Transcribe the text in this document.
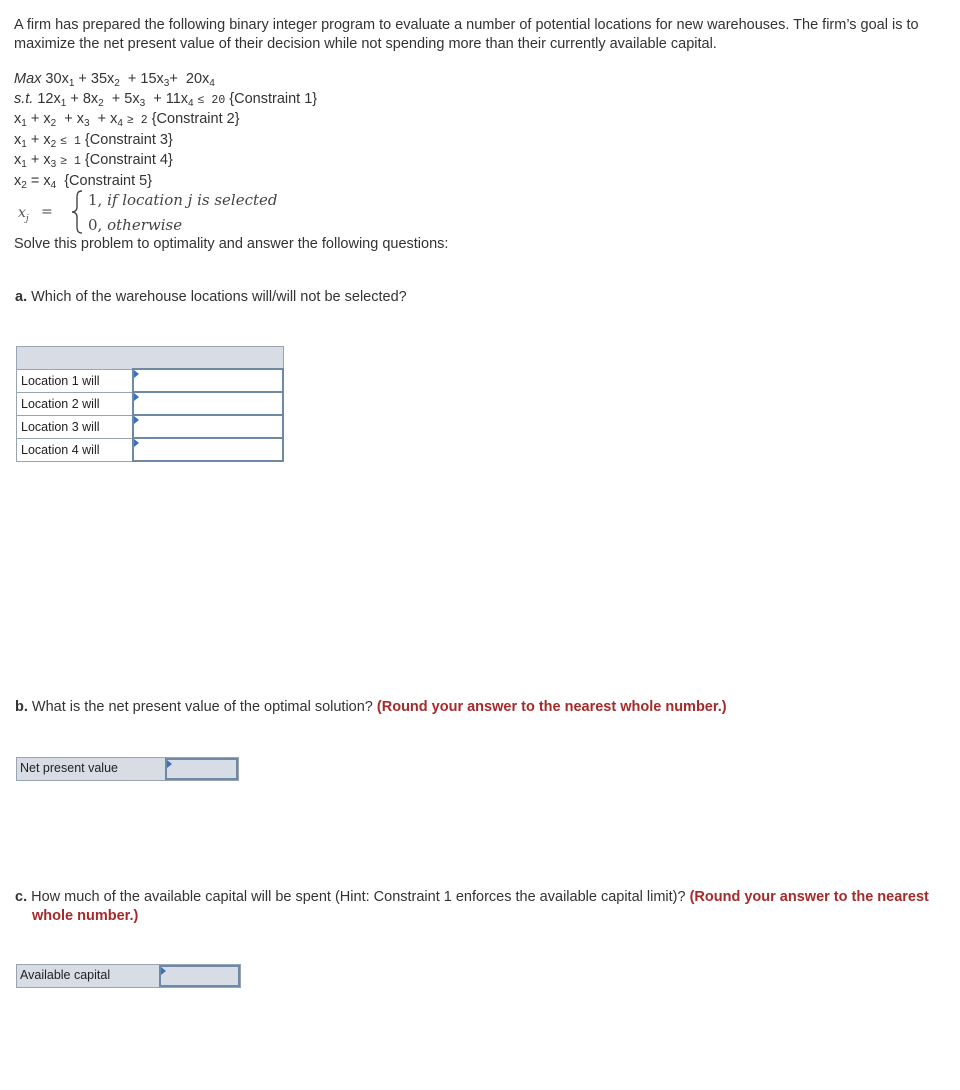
A firm has prepared the following binary integer program to evaluate a number of potential locations for new warehouses. The firm’s goal is to maximize the net present value of their decision while not spending more than their currently available capital.

Max $30x_1 + 35x_2 + 15x_3+ 20x_4$
s.t. $12x_1 + 8x_2 + 5x_3 + 11x_4 \le 20$ {Constraint 1}
$x_1 + x_2 + x_3 + x_4 \ge 2$ {Constraint 2}
$x_1 + x_2 \le 1$ {Constraint 3}
$x_1 + x_3 \ge 1$ {Constraint 4}
$x_2 = x_4$  {Constraint 5}
$x_j$ =
1, if location j is selected
0, otherwise

Solve this problem to optimality and answer the following questions:

a. Which of the warehouse locations will/will not be selected?

Location 1 will	

Location 2 will	

Location 3 will	

Location 4 will	

b. What is the net present value of the optimal solution? (Round your answer to the nearest whole number.)

Net present value

c. How much of the available capital will be spent (Hint: Constraint 1 enforces the available capital limit)? (Round your answer to the nearest whole number.)

Available capital
